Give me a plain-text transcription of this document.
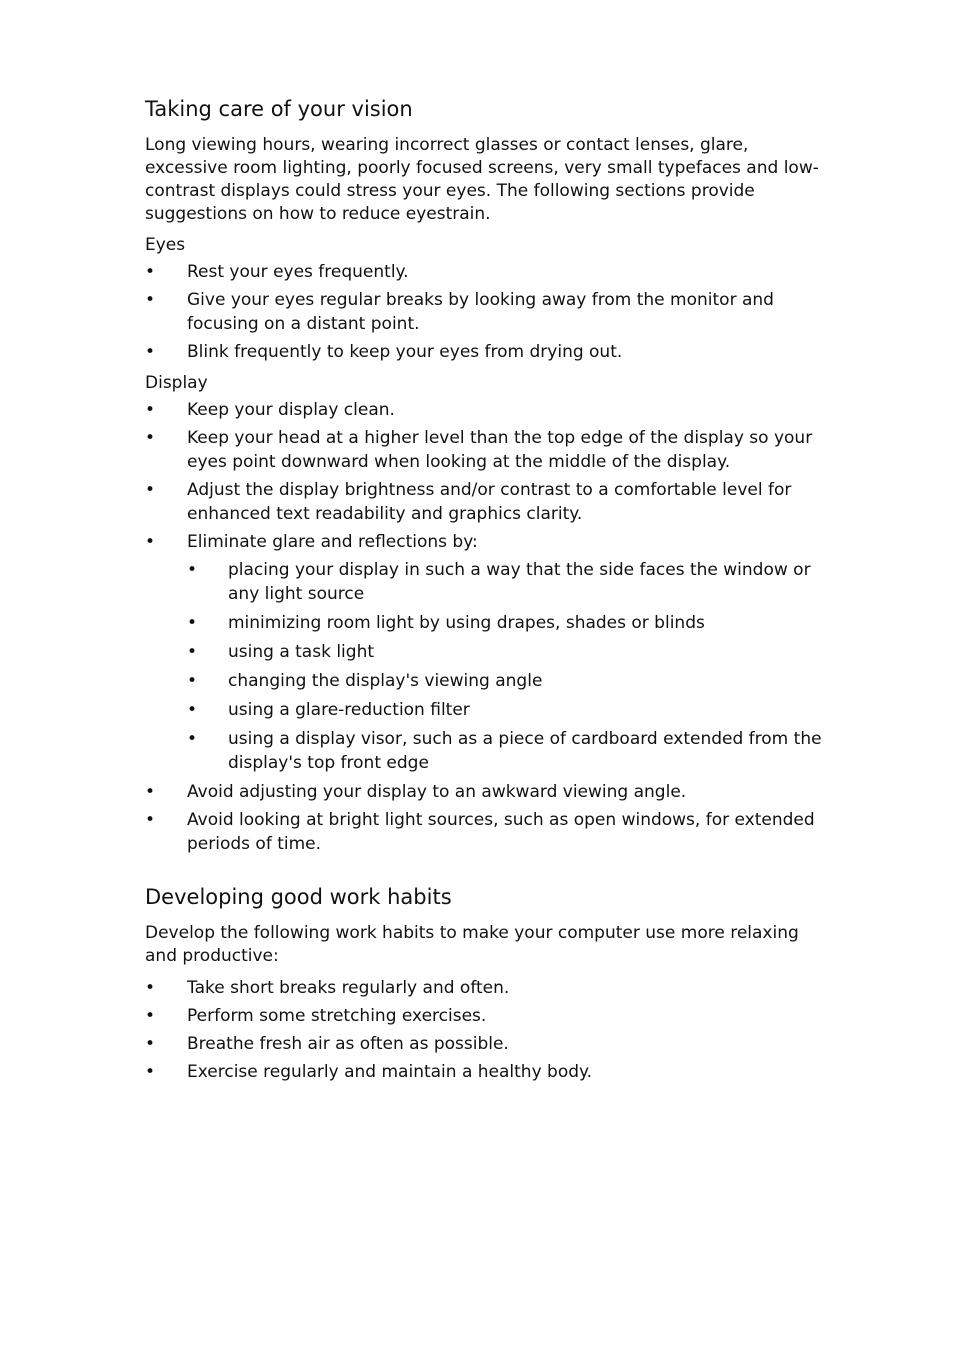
Taking care of your vision

Long viewing hours, wearing incorrect glasses or contact lenses, glare, excessive room lighting, poorly focused screens, very small typefaces and low-contrast displays could stress your eyes. The following sections provide suggestions on how to reduce eyestrain.

Eyes
• Rest your eyes frequently.
• Give your eyes regular breaks by looking away from the monitor and focusing on a distant point.
• Blink frequently to keep your eyes from drying out.
Display
• Keep your display clean.
• Keep your head at a higher level than the top edge of the display so your eyes point downward when looking at the middle of the display.
• Adjust the display brightness and/or contrast to a comfortable level for enhanced text readability and graphics clarity.
• Eliminate glare and reflections by:
• placing your display in such a way that the side faces the window or any light source
• minimizing room light by using drapes, shades or blinds
• using a task light
• changing the display's viewing angle
• using a glare-reduction filter
• using a display visor, such as a piece of cardboard extended from the display's top front edge
• Avoid adjusting your display to an awkward viewing angle.
• Avoid looking at bright light sources, such as open windows, for extended periods of time.
Developing good work habits

Develop the following work habits to make your computer use more relaxing and productive:

• Take short breaks regularly and often.
• Perform some stretching exercises.
• Breathe fresh air as often as possible.
• Exercise regularly and maintain a healthy body.
